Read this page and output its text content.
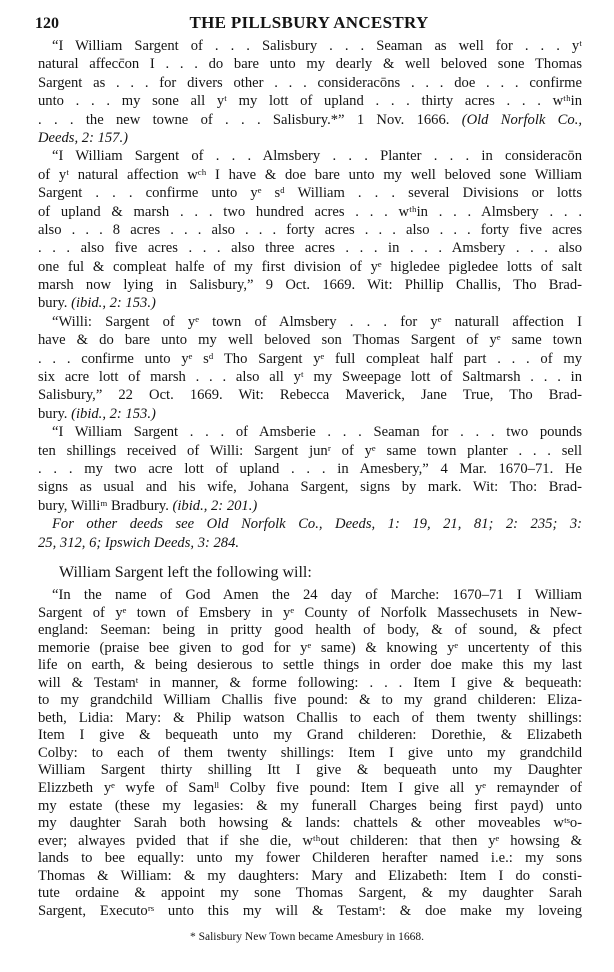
120	THE PILLSBURY ANCESTRY
“I William Sargent of . . . Salisbury . . . Seaman as well for . . . yᵗ
natural affecc̄on I . . . do bare unto my dearly & well beloved sone Thomas
Sargent as . . . for divers other . . . consideracōns . . . doe . . . confirme
unto . . . my sone all yᵗ my lott of upland . . . thirty acres . . . wᵗʰin
. . . the new towne of . . . Salisbury.*” 1 Nov. 1666. (Old Norfolk Co.,
Deeds, 2: 157.)
“I William Sargent of . . . Almsbery . . . Planter . . . in consideracōn
of yᵗ natural affection wᶜʰ I have & doe bare unto my well beloved sone William
Sargent . . . confirme unto yᵉ sᵈ William . . . several Divisions or lotts
of upland & marsh . . . two hundred acres . . . wᵗʰin . . . Almsbery . . .
also . . . 8 acres . . . also . . . forty acres . . . also . . . forty five acres
. . . also five acres . . . also three acres . . . in . . . Amsbery . . . also
one ful & compleat halfe of my first division of yᵉ higledee pigledee lotts of salt
marsh now lying in Salisbury,” 9 Oct. 1669. Wit: Phillip Challis, Tho Brad-
bury. (ibid., 2: 153.)
“Willi: Sargent of yᵉ town of Almsbery . . . for yᵉ naturall affection I
have & do bare unto my well beloved son Thomas Sargent of yᵉ same town
. . . confirme unto yᵉ sᵈ Tho Sargent yᵉ full compleat half part . . . of my
six acre lott of marsh . . . also all yᵗ my Sweepage lott of Saltmarsh . . . in
Salisbury,” 22 Oct. 1669. Wit: Rebecca Maverick, Jane True, Tho Brad-
bury. (ibid., 2: 153.)
“I William Sargent . . . of Amsberie . . . Seaman for . . . two pounds
ten shillings received of Willi: Sargent junʳ of yᵉ same town planter . . . sell
. . . my two acre lott of upland . . . in Amesbery,” 4 Mar. 1670–71. He
signs as usual and his wife, Johana Sargent, signs by mark. Wit: Tho: Brad-
bury, Williᵐ Bradbury. (ibid., 2: 201.)
For other deeds see Old Norfolk Co., Deeds, 1: 19, 21, 81; 2: 235; 3:
25, 312, 6; Ipswich Deeds, 3: 284.
William Sargent left the following will:
“In the name of God Amen the 24 day of Marche: 1670–71 I William
Sargent of yᵉ town of Emsbery in yᵉ County of Norfolk Massechusets in New-
england: Seeman: being in pritty good health of body, & of sound, & pfect
memorie (praise bee given to god for yᵉ same) & knowing yᵉ uncertenty of this
life on earth, & being desierous to settle things in order doe make this my last
will & Testamᵗ in manner, & forme following: . . . Item I give & bequeath:
to my grandchild William Challis five pound: & to my grand childeren: Eliza-
beth, Lidia: Mary: & Philip watson Challis to each of them twenty shillings:
Item I give & bequeath unto my Grand childeren: Dorethie, & Elizabeth
Colby: to each of them twenty shillings: Item I give unto my grandchild
William Sargent thirty shilling Itt I give & bequeath unto my Daughter
Elizzbeth yᵉ wyfe of Samˡˡ Colby five pound: Item I give all yᵉ remaynder of
my estate (these my legasies: & my funerall Charges being first payd) unto
my daughter Sarah both howsing & lands: chattels & other moveables wᵗˢo-
ever; alwayes pvided that if she die, wᵗʰout childeren: that then yᵉ howsing &
lands to bee equally: unto my fower Childeren herafter named i.e.: my sons
Thomas & William: & my daughters: Mary and Elizabeth: Item I do consti-
tute ordaine & appoint my sone Thomas Sargent, & my daughter Sarah
Sargent, Executoʳˢ unto this my will & Testamᵗ: & doe make my loveing
* Salisbury New Town became Amesbury in 1668.
